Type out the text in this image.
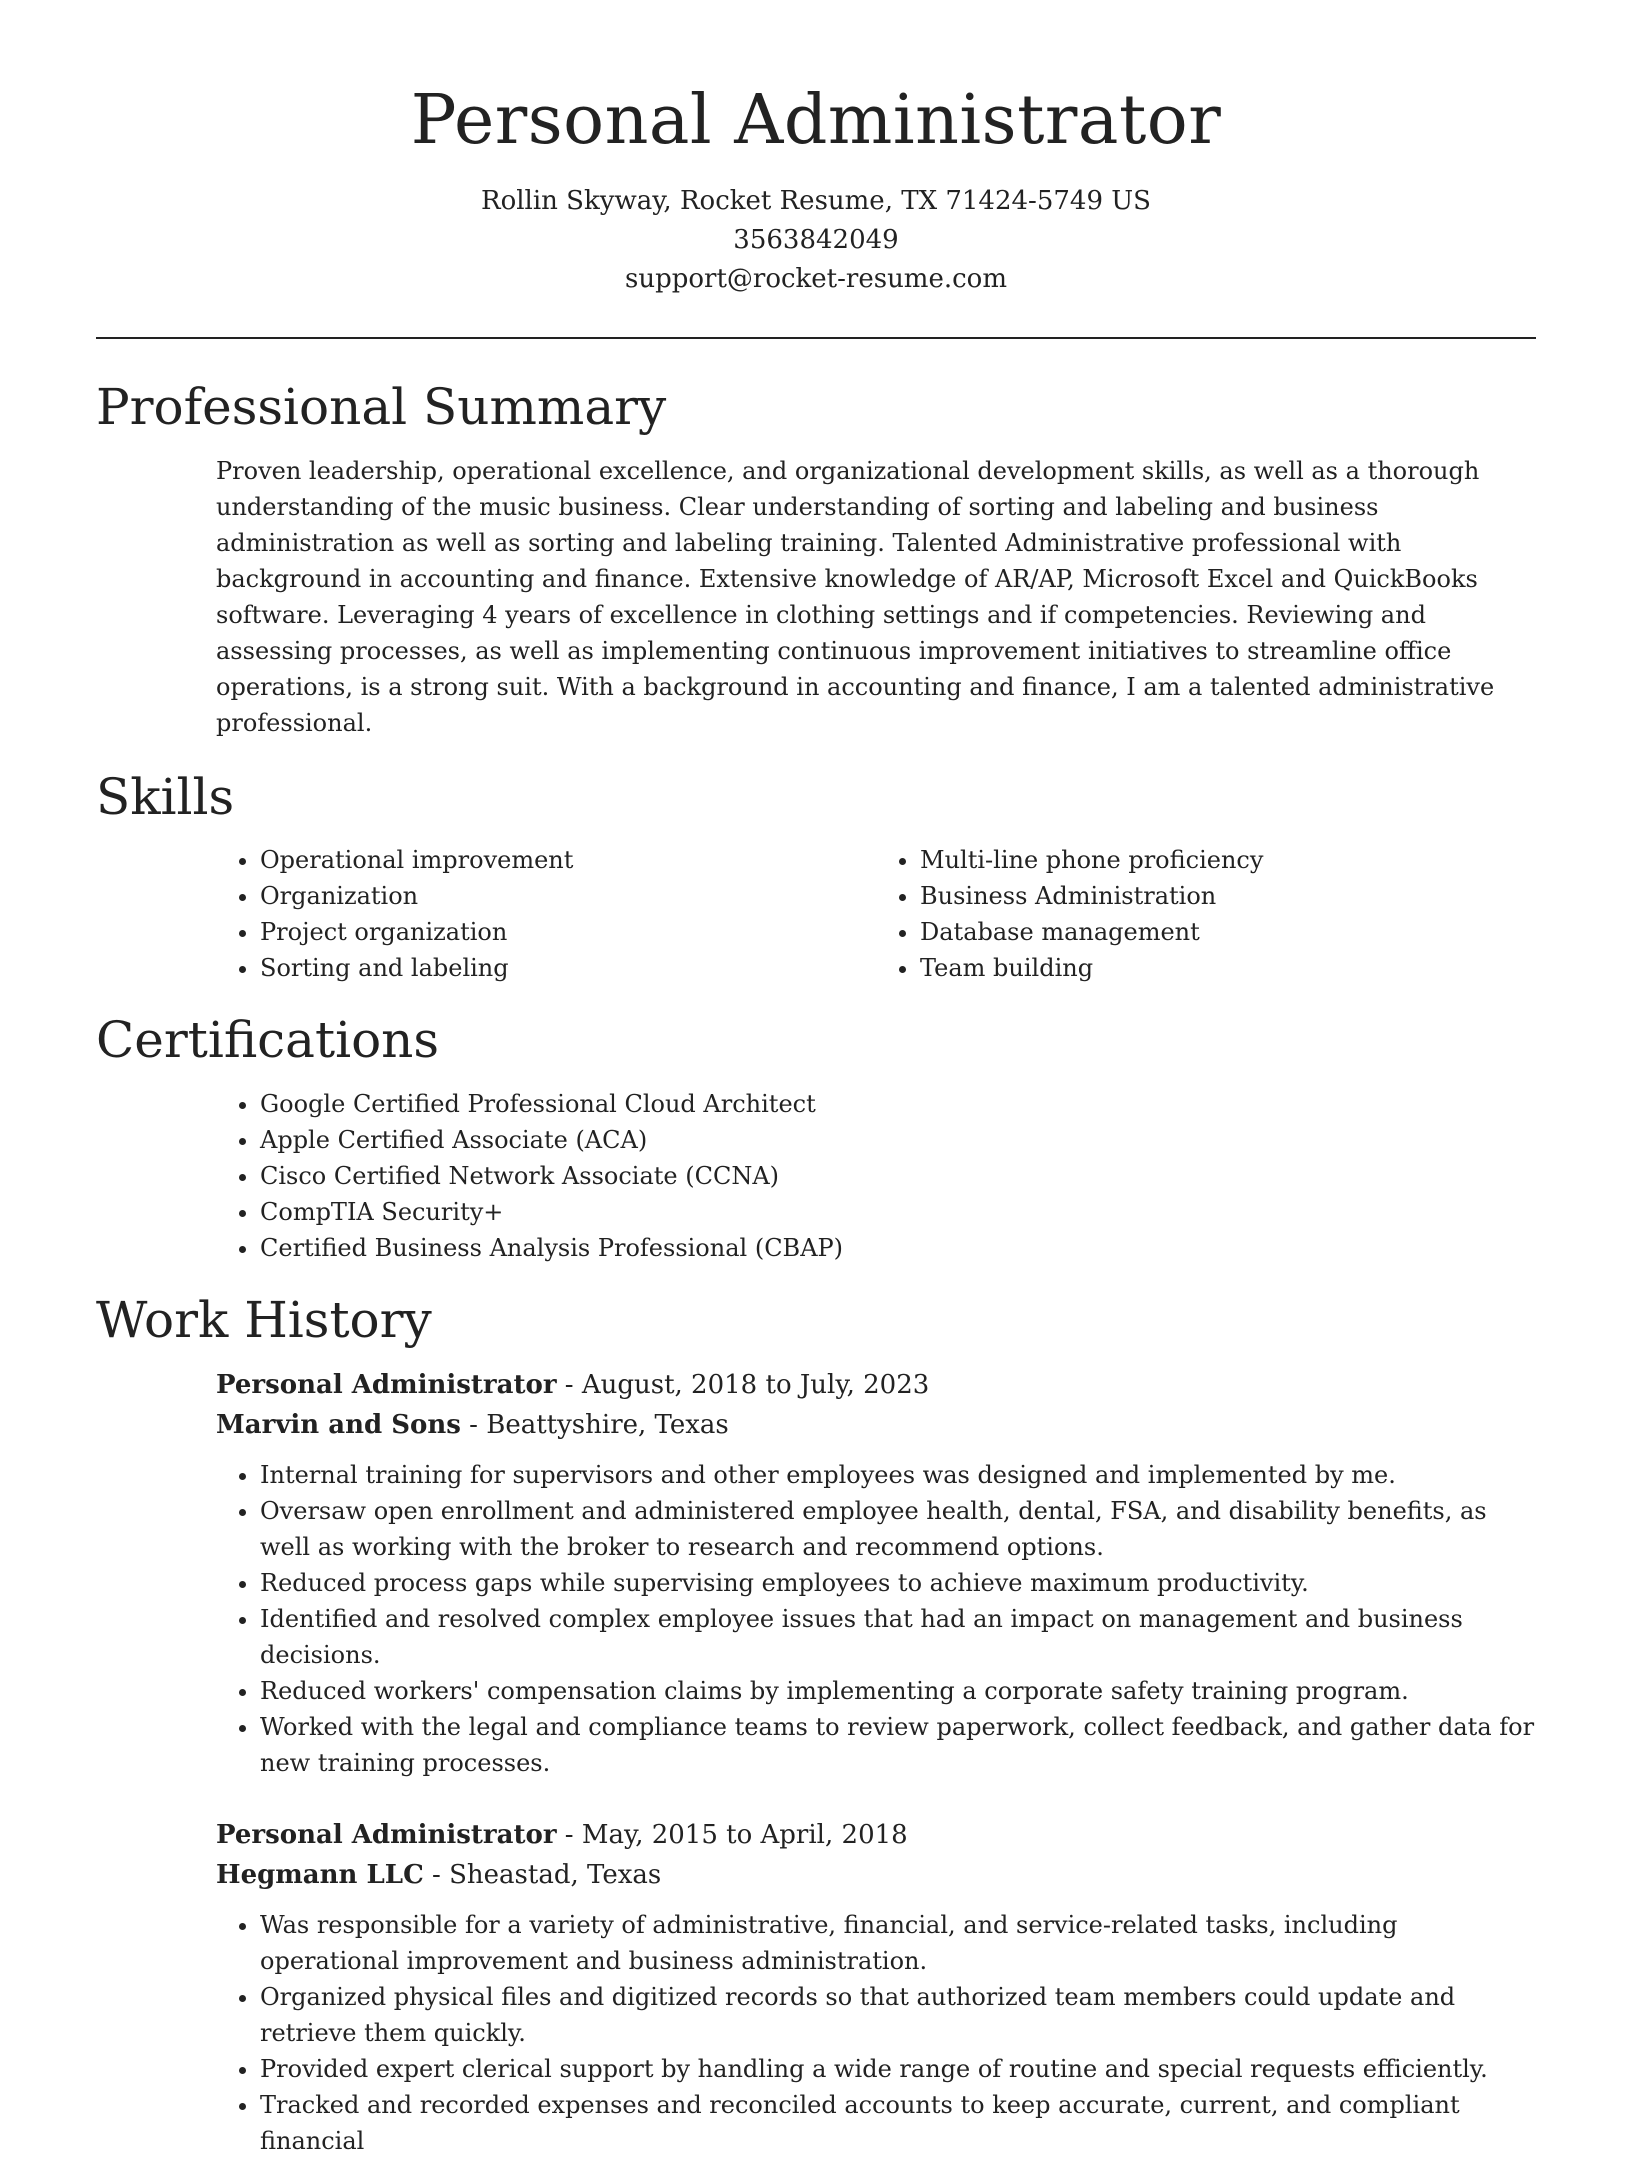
Personal Administrator
Rollin Skyway, Rocket Resume, TX 71424-5749 US
3563842049
support@rocket-resume.com
Professional Summary

Proven leadership, operational excellence, and organizational development skills, as well as a thorough understanding of the music business. Clear understanding of sorting and labeling and business administration as well as sorting and labeling training. Talented Administrative professional with background in accounting and finance. Extensive knowledge of AR/AP, Microsoft Excel and QuickBooks software. Leveraging 4 years of excellence in clothing settings and if competencies. Reviewing and assessing processes, as well as implementing continuous improvement initiatives to streamline office operations, is a strong suit. With a background in accounting and finance, I am a talented administrative professional.

Skills
• Operational improvement
• Organization
• Project organization
• Sorting and labeling
• Multi-line phone proficiency
• Business Administration
• Database management
• Team building
Certifications
• Google Certified Professional Cloud Architect
• Apple Certified Associate (ACA)
• Cisco Certified Network Associate (CCNA)
• CompTIA Security+
• Certified Business Analysis Professional (CBAP)
Work History
Personal Administrator - August, 2018 to July, 2023
Marvin and Sons - Beattyshire, Texas
• Internal training for supervisors and other employees was designed and implemented by me.
• Oversaw open enrollment and administered employee health, dental, FSA, and disability benefits, as well as working with the broker to research and recommend options.
• Reduced process gaps while supervising employees to achieve maximum productivity.
• Identified and resolved complex employee issues that had an impact on management and business decisions.
• Reduced workers' compensation claims by implementing a corporate safety training program.
• Worked with the legal and compliance teams to review paperwork, collect feedback, and gather data for new training processes.
Personal Administrator - May, 2015 to April, 2018
Hegmann LLC - Sheastad, Texas
• Was responsible for a variety of administrative, financial, and service-related tasks, including operational improvement and business administration.
• Organized physical files and digitized records so that authorized team members could update and retrieve them quickly.
• Provided expert clerical support by handling a wide range of routine and special requests efficiently.
• Tracked and recorded expenses and reconciled accounts to keep accurate, current, and compliant financial
